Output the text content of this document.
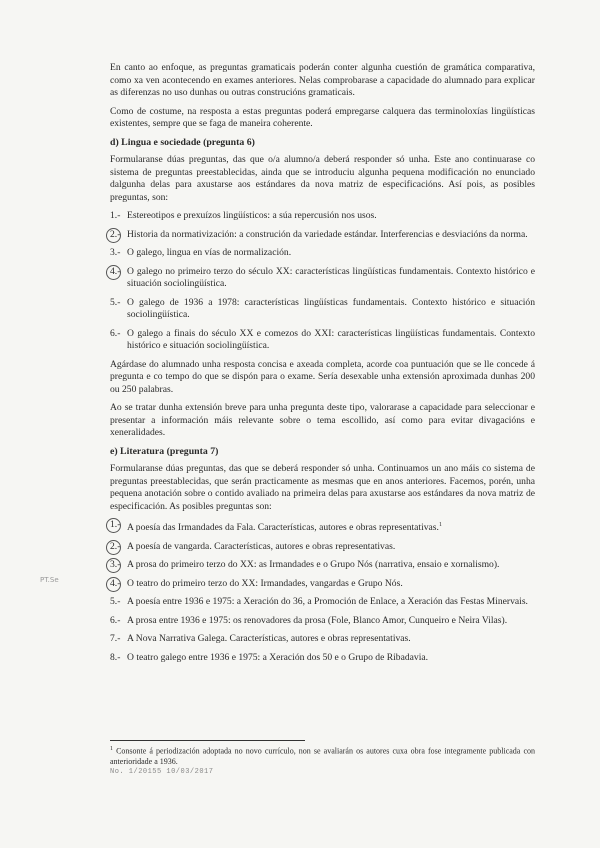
PT.Se

En canto ao enfoque, as preguntas gramaticais poderán conter algunha cuestión de gramática comparativa, como xa ven acontecendo en exames anteriores. Nelas comprobarase a capacidade do alumnado para explicar as diferenzas no uso dunhas ou outras construcións gramaticais.

Como de costume, na resposta a estas preguntas poderá empregarse calquera das terminoloxías lingüísticas existentes, sempre que se faga de maneira coherente.

d) Lingua e sociedade (pregunta 6)

Formularanse dúas preguntas, das que o/a alumno/a deberá responder só unha. Este ano continuarase co sistema de preguntas preestablecidas, ainda que se introduciu algunha pequena modificación no enunciado dalgunha delas para axustarse aos estándares da nova matriz de especificacións. Así pois, as posibles preguntas, son:

1.- Estereotipos e prexuízos lingüísticos: a súa repercusión nos usos.
2.- Historia da normativización: a construción da variedade estándar. Interferencias e desviacións da norma.
3.- O galego, lingua en vías de normalización.
4.- O galego no primeiro terzo do século XX: características lingüísticas fundamentais. Contexto histórico e situación sociolingüística.
5.- O galego de 1936 a 1978: características lingüísticas fundamentais. Contexto histórico e situación sociolingüística.
6.- O galego a finais do século XX e comezos do XXI: características lingüísticas fundamentais. Contexto histórico e situación sociolingüística.

Agárdase do alumnado unha resposta concisa e axeada completa, acorde coa puntuación que se lle concede á pregunta e co tempo do que se dispón para o exame. Sería desexable unha extensión aproximada dunhas 200 ou 250 palabras.

Ao se tratar dunha extensión breve para unha pregunta deste tipo, valorarase a capacidade para seleccionar e presentar a información máis relevante sobre o tema escollido, así como para evitar divagacións e xeneralidades.

e) Literatura (pregunta 7)

Formularanse dúas preguntas, das que se deberá responder só unha. Continuamos un ano máis co sistema de preguntas preestablecidas, que serán practicamente as mesmas que en anos anteriores. Facemos, porén, unha pequena anotación sobre o contido avaliado na primeira delas para axustarse aos estándares da nova matriz de especificación. As posibles preguntas son:

1.- A poesía das Irmandades da Fala. Características, autores e obras representativas.$^1$
2.- A poesía de vangarda. Características, autores e obras representativas.
3.- A prosa do primeiro terzo do XX: as Irmandades e o Grupo Nós (narrativa, ensaio e xornalismo).
4.- O teatro do primeiro terzo do XX: Irmandades, vangardas e Grupo Nós.
5.- A poesía entre 1936 e 1975: a Xeración do 36, a Promoción de Enlace, a Xeración das Festas Minervais.
6.- A prosa entre 1936 e 1975: os renovadores da prosa (Fole, Blanco Amor, Cunqueiro e Neira Vilas).
7.- A Nova Narrativa Galega. Características, autores e obras representativas.
8.- O teatro galego entre 1936 e 1975: a Xeración dos 50 e o Grupo de Ribadavia.
$^1$ Consonte á periodización adoptada no novo currículo, non se avaliarán os autores cuxa obra fose integramente publicada con anterioridade a 1936.
No. 1/20155 10/03/2017
